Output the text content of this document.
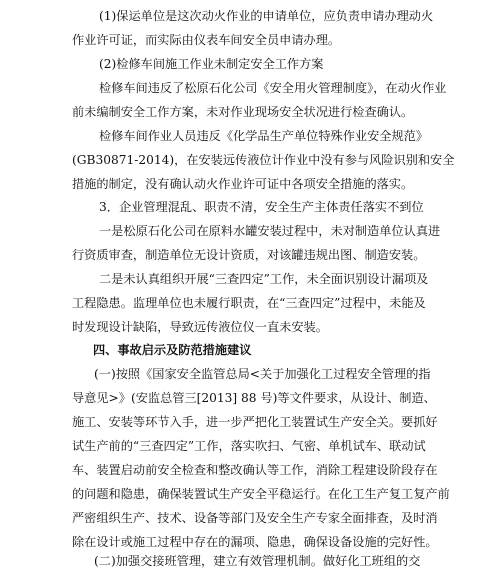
(1)保运单位是这次动火作业的申请单位，应负责申请办理动火
作业许可证，而实际由仪表车间安全员申请办理。
(2)检修车间施工作业未制定安全工作方案
检修车间违反了松原石化公司《安全用火管理制度》，在动火作业
前未编制安全工作方案，未对作业现场安全状况进行检查确认。
检修车间作业人员违反《化学品生产单位特殊作业安全规范》
(GB30871-2014)，在安装远传液位计作业中没有参与风险识别和安全
措施的制定，没有确认动火作业许可证中各项安全措施的落实。
3．企业管理混乱、职责不清，安全生产主体责任落实不到位
一是松原石化公司在原料水罐安装过程中，未对制造单位认真进
行资质审查，制造单位无设计资质，对该罐违规出图、制造安装。
二是未认真组织开展“三查四定”工作，未全面识别设计漏项及
工程隐患。监理单位也未履行职责，在“三查四定”过程中，未能及
时发现设计缺陷，导致远传液位仪一直未安装。
四、事故启示及防范措施建议
(一)按照《国家安全监管总局<关于加强化工过程安全管理的指
导意见>》(安监总管三[2013] 88 号)等文件要求，从设计、制造、
施工、安装等环节入手，进一步严把化工装置试生产安全关。要抓好
试生产前的“三查四定”工作，落实吹扫、气密、单机试车、联动试
车、装置启动前安全检查和整改确认等工作，消除工程建设阶段存在
的问题和隐患，确保装置试生产安全平稳运行。在化工生产复工复产前
严密组织生产、技术、设备等部门及安全生产专家全面排查，及时消
除在设计或施工过程中存在的漏项、隐患，确保设备设施的完好性。
(二)加强交接班管理，建立有效管理机制。做好化工班组的交
